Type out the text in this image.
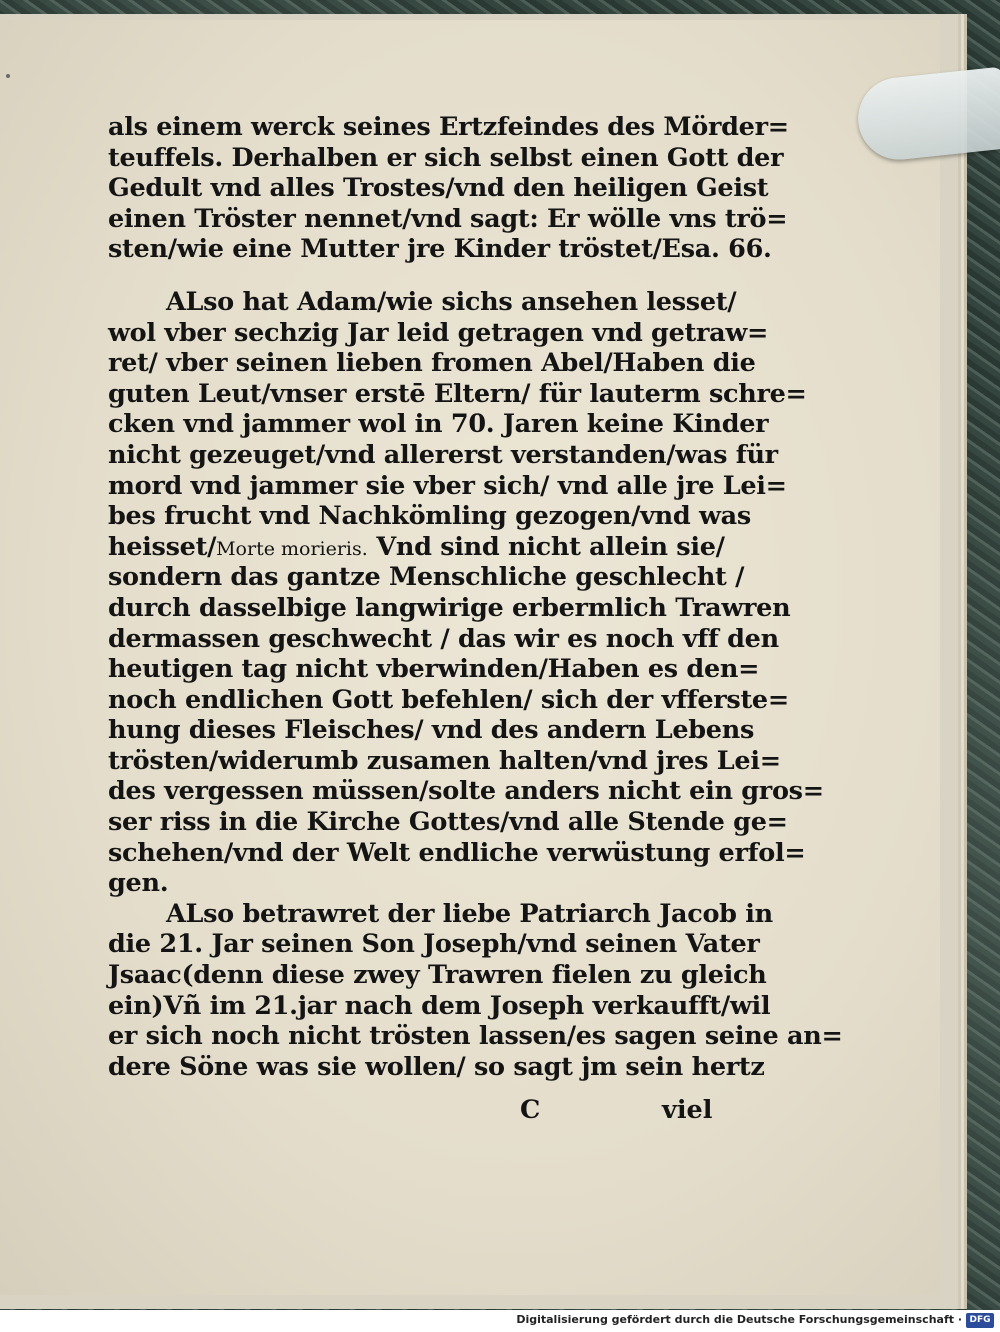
als einem werck seines Ertzfeindes des Mörder=
teuffels. Derhalben er sich selbst einen Gott der
Gedult vnd alles Trostes/vnd den heiligen Geist
einen Tröster nennet/vnd sagt: Er wölle vns trö=
sten/wie eine Mutter jre Kinder tröstet/Esa. 66.
ALso hat Adam/wie sichs ansehen lesset/
wol vber sechzig Jar leid getragen vnd getraw=
ret/ vber seinen lieben fromen Abel/Haben die
guten Leut/vnser erstē Eltern/ für lauterm schre=
cken vnd jammer wol in 70. Jaren keine Kinder
nicht gezeuget/vnd allererst verstanden/was für
mord vnd jammer sie vber sich/ vnd alle jre Lei=
bes frucht vnd Nachkömling gezogen/vnd was
heisset/Morte morieris. Vnd sind nicht allein sie/
sondern das gantze Menschliche geschlecht /
durch dasselbige langwirige erbermlich Trawren
dermassen geschwecht / das wir es noch vff den
heutigen tag nicht vberwinden/Haben es den=
noch endlichen Gott befehlen/ sich der vfferste=
hung dieses Fleisches/ vnd des andern Lebens
trösten/widerumb zusamen halten/vnd jres Lei=
des vergessen müssen/solte anders nicht ein gros=
ser riss in die Kirche Gottes/vnd alle Stende ge=
schehen/vnd der Welt endliche verwüstung erfol=
gen.
ALso betrawret der liebe Patriarch Jacob in
die 21. Jar seinen Son Joseph/vnd seinen Vater
Jsaac(denn diese zwey Trawren fielen zu gleich
ein)Vñ im 21.jar nach dem Joseph verkaufft/wil
er sich noch nicht trösten lassen/es sagen seine an=
dere Söne was sie wollen/ so sagt jm sein hertz
C	viel
Digitalisierung gefördert durch die Deutsche Forschungsgemeinschaft · DFG
